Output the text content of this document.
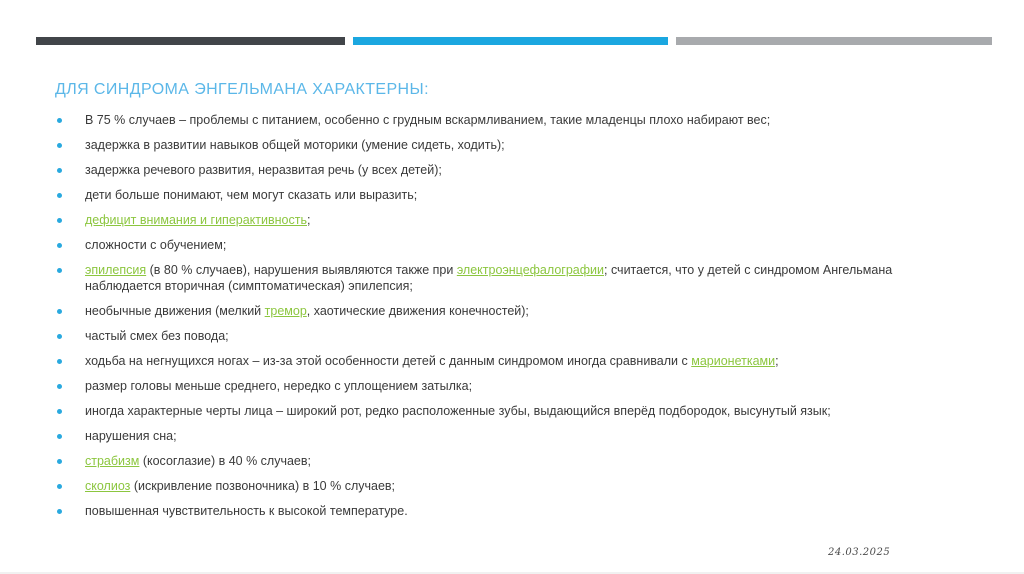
ДЛЯ СИНДРОМА ЭНГЕЛЬМАНА ХАРАКТЕРНЫ:
В 75 % случаев – проблемы с питанием, особенно с грудным вскармливанием, такие младенцы плохо набирают вес;
задержка в развитии навыков общей моторики (умение сидеть, ходить);
задержка речевого развития, неразвитая речь (у всех детей);
дети больше понимают, чем могут сказать или выразить;
дефицит внимания и гиперактивность;
сложности с обучением;
эпилепсия (в 80 % случаев), нарушения выявляются также при электроэнцефалографии; считается, что у детей с синдромом Ангельмана наблюдается вторичная (симптоматическая) эпилепсия;
необычные движения (мелкий тремор, хаотические движения конечностей);
частый смех без повода;
ходьба на негнущихся ногах – из-за этой особенности детей с данным синдромом иногда сравнивали с марионетками;
размер головы меньше среднего, нередко с уплощением затылка;
иногда характерные черты лица – широкий рот, редко расположенные зубы, выдающийся вперёд подбородок, высунутый язык;
нарушения сна;
страбизм (косоглазие) в 40 % случаев;
сколиоз (искривление позвоночника) в 10 % случаев;
повышенная чувствительность к высокой температуре.
24.03.2025
